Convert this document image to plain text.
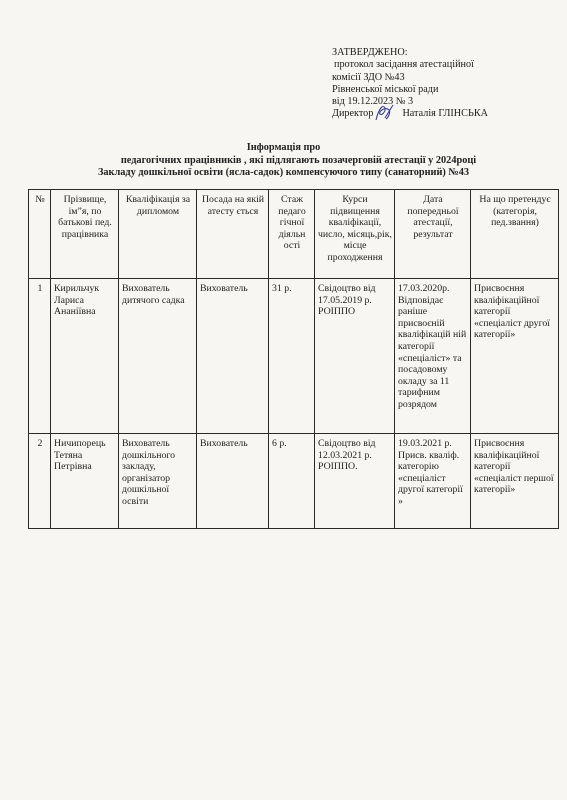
ЗАТВЕРДЖЕНО:
протокол засідання атестаційної
комісії ЗДО №43
Рівненської міської ради
від 19.12.2023 № 3
Директор	Наталія ГЛІНСЬКА
Інформація про
педагогічних працівників , які підлягають позачерговій атестації у 2024році
Закладу дошкільної освіти (ясла-садок) компенсуючого типу (санаторний) №43
№	Прізвище, ім”я, по батькові пед. працівника	Кваліфікація за дипломом	Посада на якій атесту ється	Стаж педаго гічної діяльн ості	Курси підвищення кваліфікації, число, місяць,рік, місце проходження	Дата попередньої атестації, результат	На що претендує (категорія, пед.звання)
1	Кирильчук Лариса Ананіївна	Вихователь дитячого садка	Вихователь	31 р.	Свідоцтво від 17.05.2019 р. РОІППО	17.03.2020р. Відповідає раніше присвоєній кваліфікацій ній категорії «спеціаліст» та посадовому окладу за 11 тарифним розрядом	Присвоєння кваліфікаційної категорії «спеціаліст другої категорії»
2	Ничипорець Тетяна Петрівна	Вихователь дошкільного закладу, організатор дошкільної освіти	Вихователь	6 р.	Свідоцтво від 12.03.2021 р. РОІППО.	19.03.2021 р. Присв. кваліф. категорію «спеціаліст другої категорії »	Присвоєння кваліфікаційної категорії «спеціаліст першої категорії»
